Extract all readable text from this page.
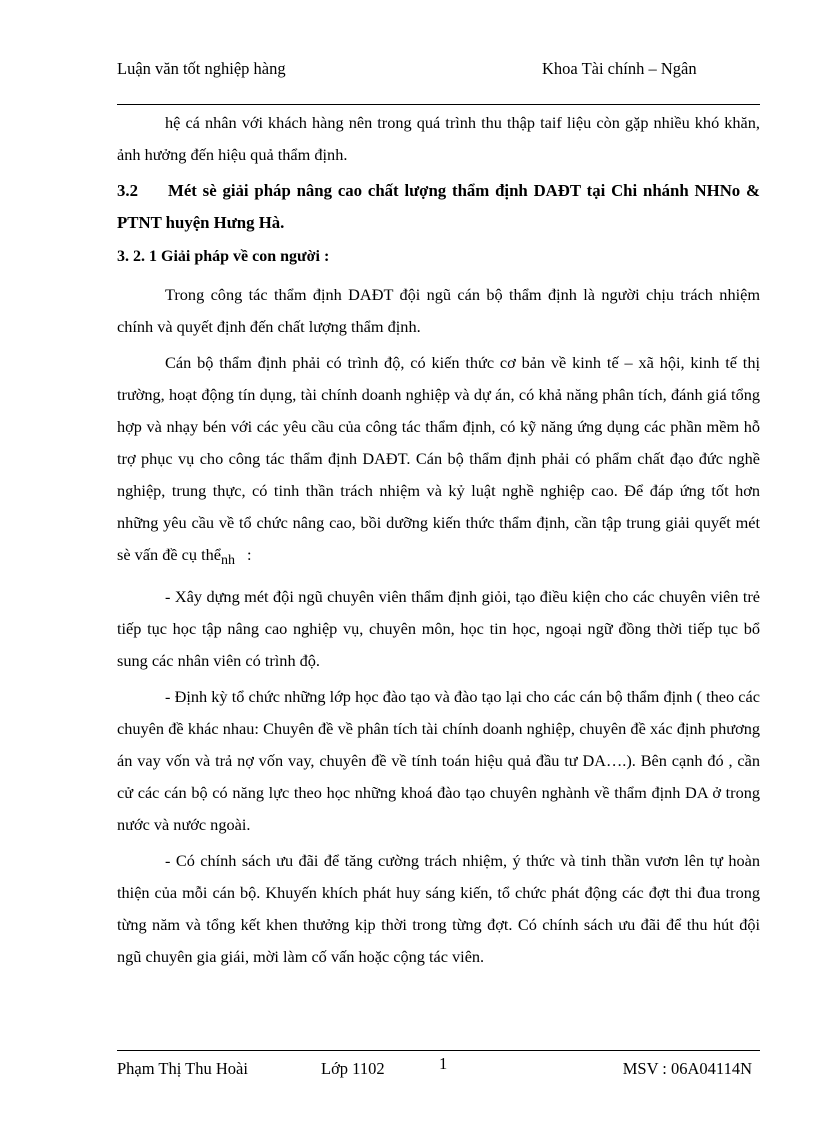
Luận văn tốt nghiệp hàng	Khoa Tài chính – Ngân

hệ cá nhân với khách hàng nên trong quá trình thu thập taif liệu còn gặp nhiều khó khăn, ảnh hưởng đến hiệu quả thẩm định.

3.2 Mét sè giải pháp nâng cao chất lượng thẩm định DAĐT tại Chi nhánh NHNo & PTNT huyện Hưng Hà.

3. 2. 1 Giải pháp về con người :

Trong công tác thẩm định DAĐT đội ngũ cán bộ thẩm định là người chịu trách nhiệm chính và quyết định đến chất lượng thẩm định.

Cán bộ thẩm định phải có trình độ, có kiến thức cơ bản về kinh tế – xã hội, kinh tế thị trường, hoạt động tín dụng, tài chính doanh nghiệp và dự án, có khả năng phân tích, đánh giá tổng hợp và nhạy bén với các yêu cầu của công tác thẩm định, có kỹ năng ứng dụng các phần mềm hỗ trợ phục vụ cho công tác thẩm định DAĐT. Cán bộ thẩm định phải có phẩm chất đạo đức nghề nghiệp, trung thực, có tinh thần trách nhiệm và kỷ luật nghề nghiệp cao. Để đáp ứng tốt hơn những yêu cầu về tổ chức nâng cao, bồi dưỡng kiến thức thẩm định, cần tập trung giải quyết mét sè vấn đề cụ thểnh :

- Xây dựng mét đội ngũ chuyên viên thẩm định giỏi, tạo điều kiện cho các chuyên viên trẻ tiếp tục học tập nâng cao nghiệp vụ, chuyên môn, học tin học, ngoại ngữ đồng thời tiếp tục bổ sung các nhân viên có trình độ.

- Định kỳ tổ chức những lớp học đào tạo và đào tạo lại cho các cán bộ thẩm định ( theo các chuyên đề khác nhau: Chuyên đề về phân tích tài chính doanh nghiệp, chuyên đề xác định phương án vay vốn và trả nợ vốn vay, chuyên đề về tính toán hiệu quả đầu tư DA….). Bên cạnh đó , cần cử các cán bộ có năng lực theo học những khoá đào tạo chuyên nghành về thẩm định DA ở trong nước và nước ngoài.

- Có chính sách ưu đãi để tăng cường trách nhiệm, ý thức và tinh thần vươn lên tự hoàn thiện của mỗi cán bộ. Khuyến khích phát huy sáng kiến, tổ chức phát động các đợt thi đua trong từng năm và tổng kết khen thưởng kịp thời trong từng đợt. Có chính sách ưu đãi để thu hút đội ngũ chuyên gia giái, mời làm cố vấn hoặc cộng tác viên.

Phạm Thị Thu Hoài	Lớp 1102	1	MSV : 06A04114N
